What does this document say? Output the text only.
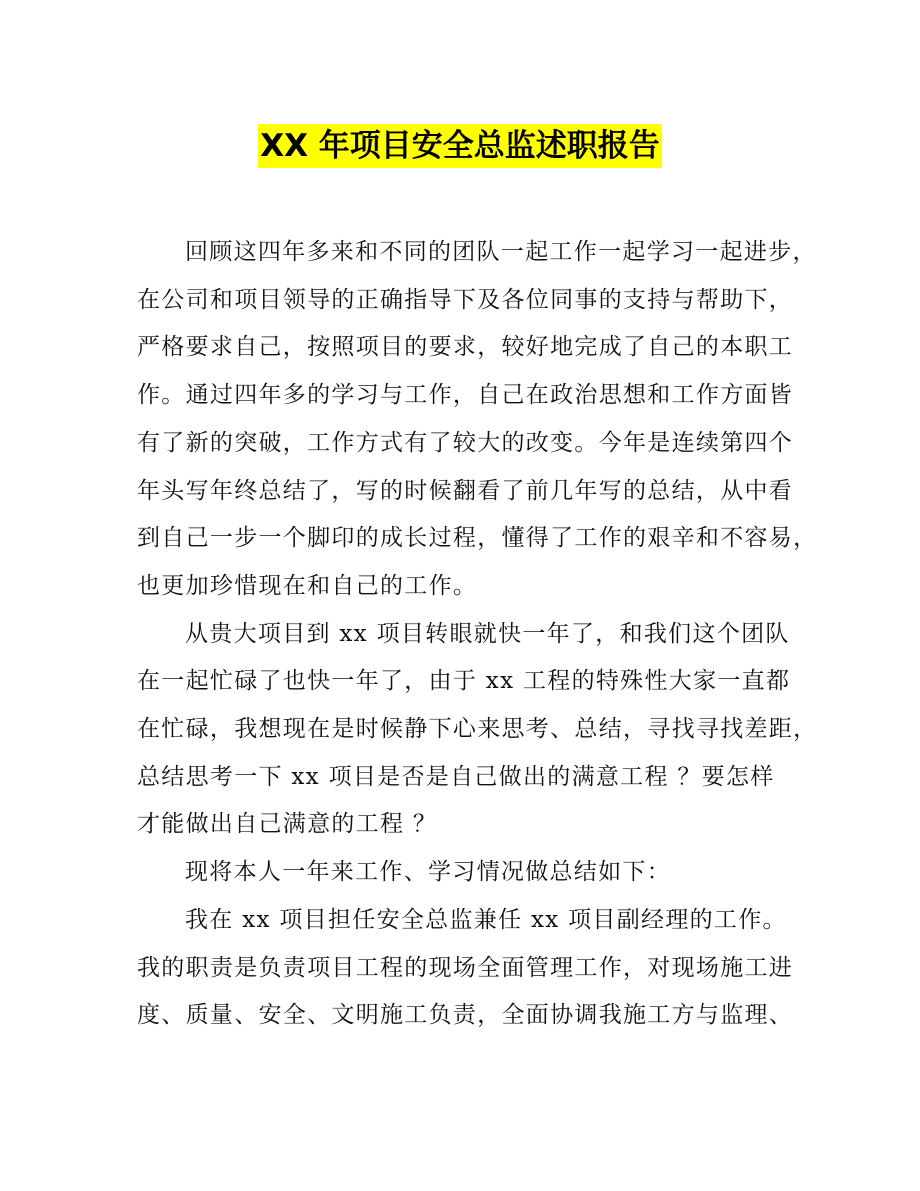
XX 年项目安全总监述职报告
回顾这四年多来和不同的团队一起工作一起学习一起进步，
在公司和项目领导的正确指导下及各位同事的支持与帮助下，
严格要求自己，按照项目的要求，较好地完成了自己的本职工
作。通过四年多的学习与工作，自己在政治思想和工作方面皆
有了新的突破，工作方式有了较大的改变。今年是连续第四个
年头写年终总结了，写的时候翻看了前几年写的总结，从中看
到自己一步一个脚印的成长过程，懂得了工作的艰辛和不容易，
也更加珍惜现在和自己的工作。
从贵大项目到 xx 项目转眼就快一年了，和我们这个团队
在一起忙碌了也快一年了，由于 xx 工程的特殊性大家一直都
在忙碌，我想现在是时候静下心来思考、总结，寻找寻找差距，
总结思考一下 xx 项目是否是自己做出的满意工程 ？要怎样
才能做出自己满意的工程 ？
现将本人一年来工作、学习情况做总结如下：
我在 xx 项目担任安全总监兼任 xx 项目副经理的工作。
我的职责是负责项目工程的现场全面管理工作，对现场施工进
度、质量、安全、文明施工负责，全面协调我施工方与监理、
